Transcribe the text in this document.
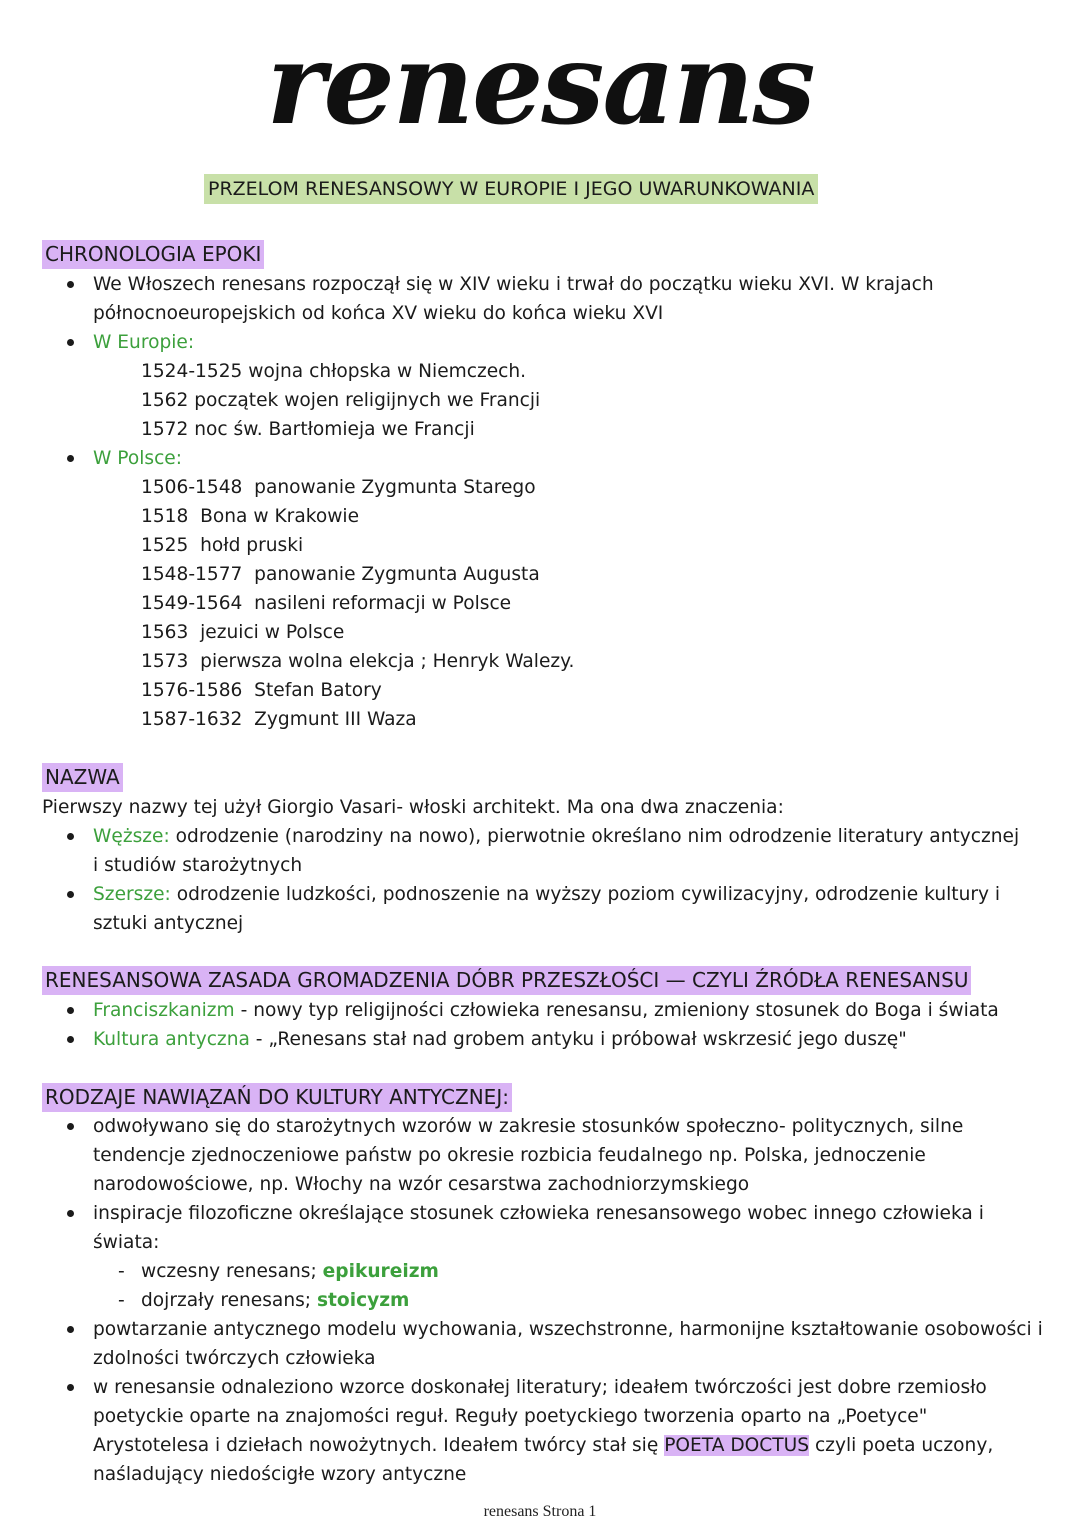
renesans
PRZELOM RENESANSOWY W EUROPIE I JEGO UWARUNKOWANIA
CHRONOLOGIA EPOKI
We Włoszech renesans rozpoczął się w XIV wieku i trwał do początku wieku XVI. W krajach
północnoeuropejskich od końca XV wieku do końca wieku XVI
W Europie:
1524-1525 wojna chłopska w Niemczech.
1562 początek wojen religijnych we Francji
1572 noc św. Bartłomieja we Francji
W Polsce:
1506-1548  panowanie Zygmunta Starego
1518  Bona w Krakowie
1525  hołd pruski
1548-1577  panowanie Zygmunta Augusta
1549-1564  nasileni reformacji w Polsce
1563  jezuici w Polsce
1573  pierwsza wolna elekcja ; Henryk Walezy.
1576-1586  Stefan Batory
1587-1632  Zygmunt III Waza
NAZWA
Pierwszy nazwy tej użył Giorgio Vasari- włoski architekt. Ma ona dwa znaczenia:
Węższe: odrodzenie (narodziny na nowo), pierwotnie określano nim odrodzenie literatury antycznej
i studiów starożytnych
Szersze: odrodzenie ludzkości, podnoszenie na wyższy poziom cywilizacyjny, odrodzenie kultury i
sztuki antycznej
RENESANSOWA ZASADA GROMADZENIA DÓBR PRZESZŁOŚCI — CZYLI ŹRÓDŁA RENESANSU
Franciszkanizm - nowy typ religijności człowieka renesansu, zmieniony stosunek do Boga i świata
Kultura antyczna - „Renesans stał nad grobem antyku i próbował wskrzesić jego duszę"
RODZAJE NAWIĄZAŃ DO KULTURY ANTYCZNEJ:
odwoływano się do starożytnych wzorów w zakresie stosunków społeczno- politycznych, silne
tendencje zjednoczeniowe państw po okresie rozbicia feudalnego np. Polska, jednoczenie
narodowościowe, np. Włochy na wzór cesarstwa zachodniorzymskiego
inspiracje filozoficzne określające stosunek człowieka renesansowego wobec innego człowieka i
świata:
- wczesny renesans; epikureizm
- dojrzały renesans; stoicyzm
powtarzanie antycznego modelu wychowania, wszechstronne, harmonijne kształtowanie osobowości i
zdolności twórczych człowieka
w renesansie odnaleziono wzorce doskonałej literatury; ideałem twórczości jest dobre rzemiosło
poetyckie oparte na znajomości reguł. Reguły poetyckiego tworzenia oparto na „Poetyce"
Arystotelesa i dziełach nowożytnych. Ideałem twórcy stał się POETA DOCTUS czyli poeta uczony,
naśladujący niedościgłe wzory antyczne
renesans Strona 1
